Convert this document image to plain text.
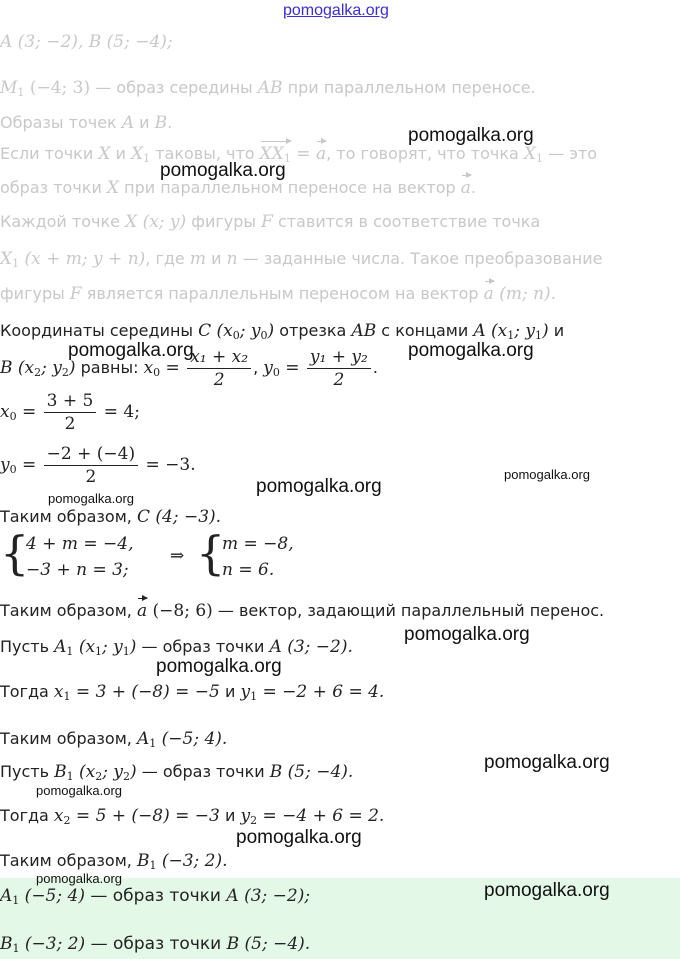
pomogalka.org
A (3; −2), B (5; −4);
$M_1$ (−4; 3) — образ середины AB при параллельном переносе.
Образы точек A и B.
Если точки X и $X_1$ таковы, что $XX_1 = a$, то говорят, что точка $X_1$ — это
образ точки X при параллельном переносе на вектор a.
Каждой точке X (x; y) фигуры F ставится в соответствие точка
$X_1$ (x + m; y + n), где m и n — заданные числа. Такое преобразование
фигуры F является параллельным переносом на вектор a (m; n).
Координаты середины C ($x_0$; $y_0$) отрезка AB с концами A ($x_1$; $y_1$) и
B ($x_2$; $y_2$) равны: $x_0 = \frac{\text{x₁ + x₂}}{2}$ , $y_0 = \frac{\text{y₁ + y₂}}{2}$ .
$x_0 = \frac{3 + 5}{2} = 4$;
$y_0 = \frac{-2 + (-4)}{2} = -3$.
Таким образом, C (4; −3).
{
4 + m = −4,
−3 + n = 3;
⇒ {
m = −8,
n = 6.
Таким образом, a (−8; 6) — вектор, задающий параллельный перенос.
Пусть $A_1$ ($x_1$; $y_1$) — образ точки A (3; −2).
Тогда $x_1 = 3 + (-8) = -5$ и $y_1 = -2 + 6 = 4$.
Таким образом, $A_1$ (−5; 4).
Пусть $B_1$ ($x_2$; $y_2$) — образ точки B (5; −4).
Тогда $x_2 = 5 + (-8) = -3$ и $y_2 = -4 + 6 = 2$.
Таким образом, $B_1$ (−3; 2).
$A_1$ (−5; 4) — образ точки A (3; −2);
$B_1$ (−3; 2) — образ точки B (5; −4).
pomogalka.org
pomogalka.org
pomogalka.org	pomogalka.org
pomogalka.org
pomogalka.org
pomogalka.org
pomogalka.org
pomogalka.org
pomogalka.org
pomogalka.org
pomogalka.org
pomogalka.org
pomogalka.org
